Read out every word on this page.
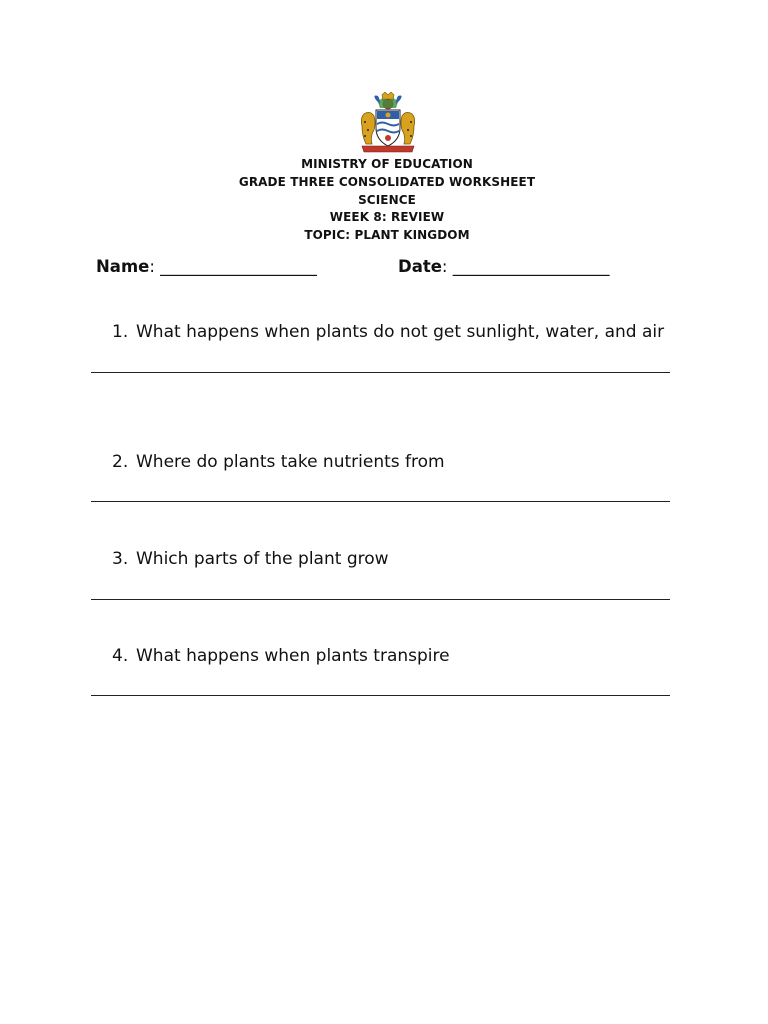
MINISTRY OF EDUCATION
GRADE THREE CONSOLIDATED WORKSHEET
SCIENCE
WEEK 8: REVIEW
TOPIC: PLANT KINGDOM
Name: ___________________	Date: ___________________
1. What happens when plants do not get sunlight, water, and air
2. Where do plants take nutrients from
3. Which parts of the plant grow
4. What happens when plants transpire
